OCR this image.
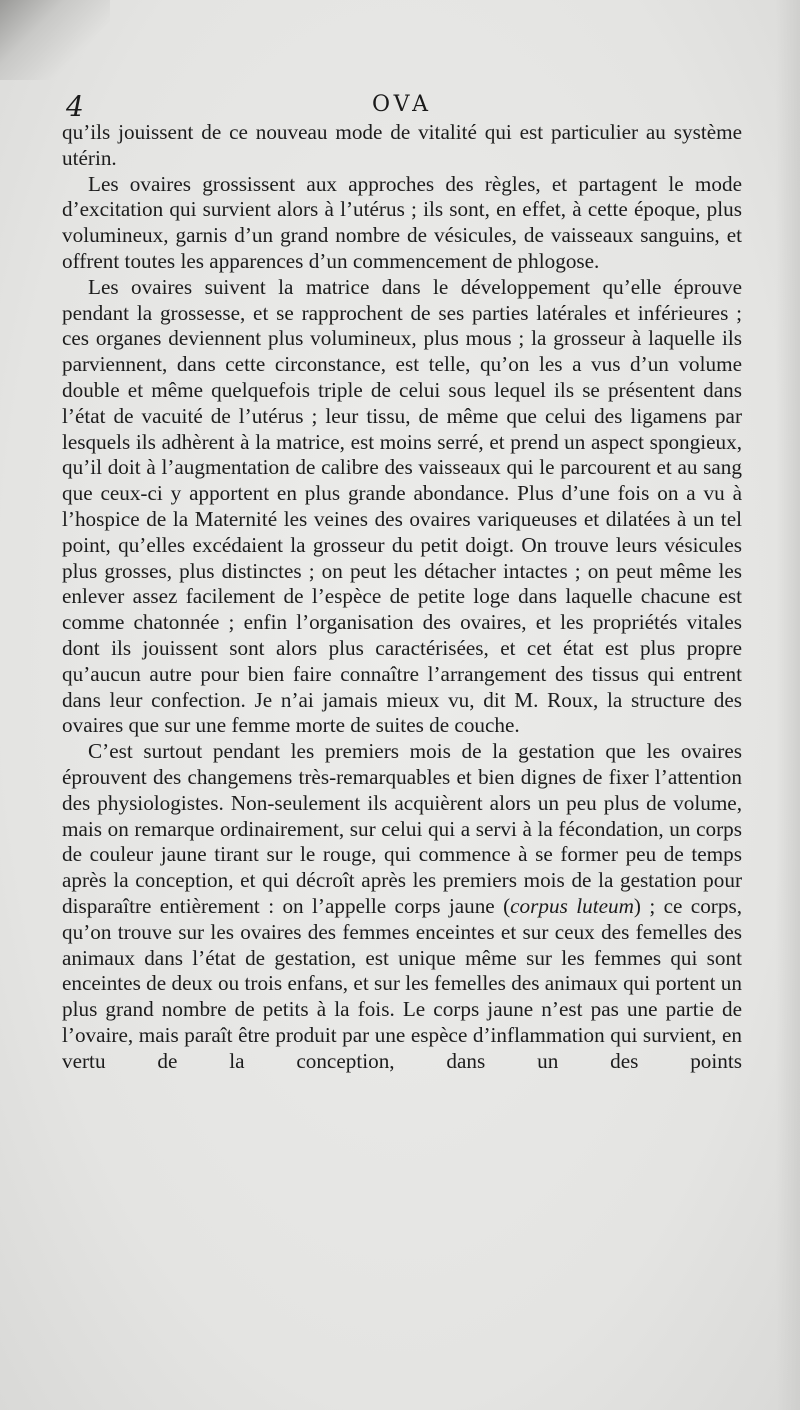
4	OVA

qu’ils jouissent de ce nouveau mode de vitalité qui est particulier au système utérin.

Les ovaires grossissent aux approches des règles, et partagent le mode d’excitation qui survient alors à l’utérus ; ils sont, en effet, à cette époque, plus volumineux, garnis d’un grand nombre de vésicules, de vaisseaux sanguins, et offrent toutes les apparences d’un commencement de phlogose.

Les ovaires suivent la matrice dans le développement qu’elle éprouve pendant la grossesse, et se rapprochent de ses parties latérales et inférieures ; ces organes deviennent plus volumineux, plus mous ; la grosseur à laquelle ils parviennent, dans cette circonstance, est telle, qu’on les a vus d’un volume double et même quelquefois triple de celui sous lequel ils se présentent dans l’état de vacuité de l’utérus ; leur tissu, de même que celui des ligamens par lesquels ils adhèrent à la matrice, est moins serré, et prend un aspect spongieux, qu’il doit à l’augmentation de calibre des vaisseaux qui le parcourent et au sang que ceux-ci y apportent en plus grande abondance. Plus d’une fois on a vu à l’hospice de la Maternité les veines des ovaires variqueuses et dilatées à un tel point, qu’elles excédaient la grosseur du petit doigt. On trouve leurs vésicules plus grosses, plus distinctes ; on peut les détacher intactes ; on peut même les enlever assez facilement de l’espèce de petite loge dans laquelle chacune est comme chatonnée ; enfin l’organisation des ovaires, et les propriétés vitales dont ils jouissent sont alors plus caractérisées, et cet état est plus propre qu’aucun autre pour bien faire connaître l’arrangement des tissus qui entrent dans leur confection. Je n’ai jamais mieux vu, dit M. Roux, la structure des ovaires que sur une femme morte de suites de couche.

C’est surtout pendant les premiers mois de la gestation que les ovaires éprouvent des changemens très-remarquables et bien dignes de fixer l’attention des physiologistes. Non-seulement ils acquièrent alors un peu plus de volume, mais on remarque ordinairement, sur celui qui a servi à la fécondation, un corps de couleur jaune tirant sur le rouge, qui commence à se former peu de temps après la conception, et qui décroît après les premiers mois de la gestation pour disparaître entièrement : on l’appelle corps jaune (corpus luteum) ; ce corps, qu’on trouve sur les ovaires des femmes enceintes et sur ceux des femelles des animaux dans l’état de gestation, est unique même sur les femmes qui sont enceintes de deux ou trois enfans, et sur les femelles des animaux qui portent un plus grand nombre de petits à la fois. Le corps jaune n’est pas une partie de l’ovaire, mais paraît être produit par une espèce d’inflammation qui survient, en vertu de la conception, dans un des points
